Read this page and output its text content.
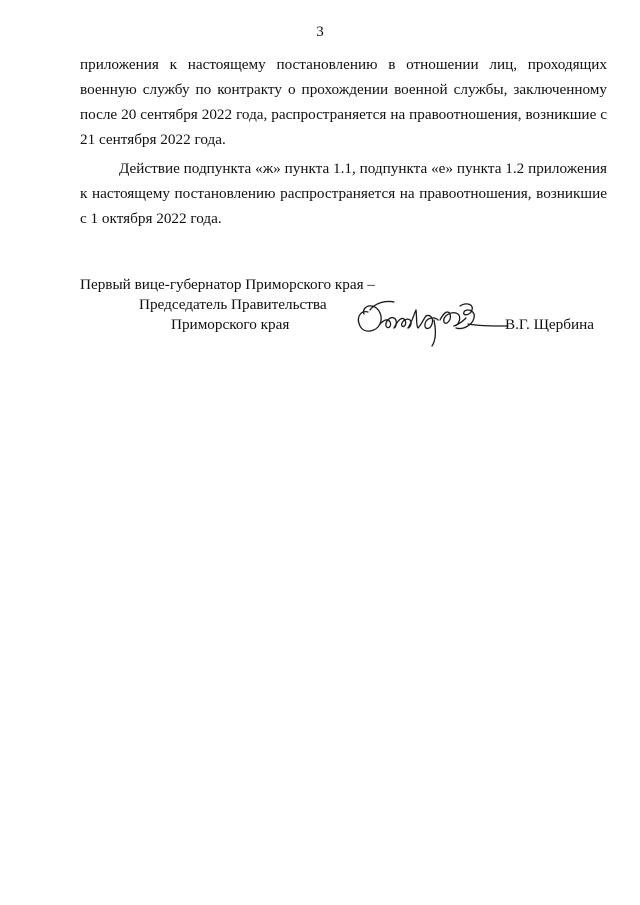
3

приложения к настоящему постановлению в отношении лиц, проходящих военную службу по контракту о прохождении военной службы, заключенному после 20 сентября 2022 года, распространяется на правоотношения, возникшие с 21 сентября 2022 года.

Действие подпункта «ж» пункта 1.1, подпункта «е» пункта 1.2 приложения к настоящему постановлению распространяется на правоотношения, возникшие с 1 октября 2022 года.

Первый вице-губернатор Приморского края –
Председатель Правительства
Приморского края	В.Г. Щербина
